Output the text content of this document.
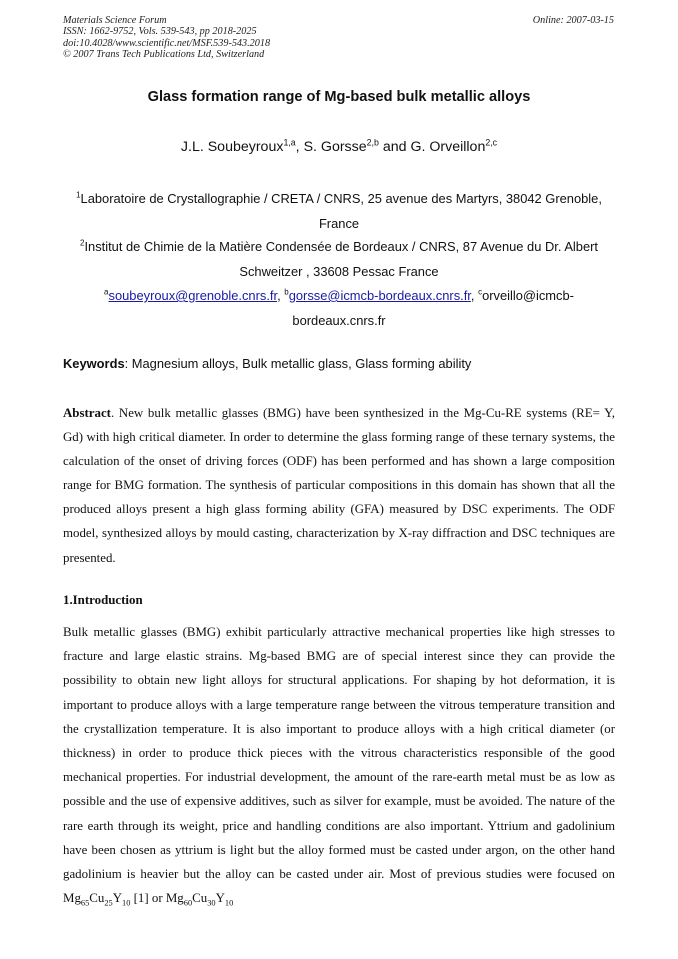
Materials Science Forum
ISSN: 1662-9752, Vols. 539-543, pp 2018-2025
doi:10.4028/www.scientific.net/MSF.539-543.2018
© 2007 Trans Tech Publications Ltd, Switzerland
Online: 2007-03-15
Glass formation range of Mg-based bulk metallic alloys
J.L. Soubeyroux$^{1,a}$, S. Gorsse$^{2,b}$ and G. Orveillon$^{2,c}$
$^1$Laboratoire de Crystallographie / CRETA / CNRS, 25 avenue des Martyrs, 38042 Grenoble, France
$^2$Institut de Chimie de la Matière Condensée de Bordeaux / CNRS, 87 Avenue du Dr. Albert Schweitzer , 33608 Pessac France
$^a$soubeyroux@grenoble.cnrs.fr, $^b$gorsse@icmcb-bordeaux.cnrs.fr, $^c$orveillo@icmcb-bordeaux.cnrs.fr
Keywords: Magnesium alloys, Bulk metallic glass, Glass forming ability
Abstract. New bulk metallic glasses (BMG) have been synthesized in the Mg-Cu-RE systems (RE= Y, Gd) with high critical diameter. In order to determine the glass forming range of these ternary systems, the calculation of the onset of driving forces (ODF) has been performed and has shown a large composition range for BMG formation. The synthesis of particular compositions in this domain has shown that all the produced alloys present a high glass forming ability (GFA) measured by DSC experiments. The ODF model, synthesized alloys by mould casting, characterization by X-ray diffraction and DSC techniques are presented.
1.Introduction
Bulk metallic glasses (BMG) exhibit particularly attractive mechanical properties like high stresses to fracture and large elastic strains. Mg-based BMG are of special interest since they can provide the possibility to obtain new light alloys for structural applications. For shaping by hot deformation, it is important to produce alloys with a large temperature range between the vitrous temperature transition and the crystallization temperature. It is also important to produce alloys with a high critical diameter (or thickness) in order to produce thick pieces with the vitrous characteristics responsible of the good mechanical properties. For industrial development, the amount of the rare-earth metal must be as low as possible and the use of expensive additives, such as silver for example, must be avoided. The nature of the rare earth through its weight, price and handling conditions are also important. Yttrium and gadolinium have been chosen as yttrium is light but the alloy formed must be casted under argon, on the other hand gadolinium is heavier but the alloy can be casted under air. Most of previous studies were focused on $Mg_{65}Cu_{25}Y_{10}$ [1] or $Mg_{60}Cu_{30}Y_{10}$
